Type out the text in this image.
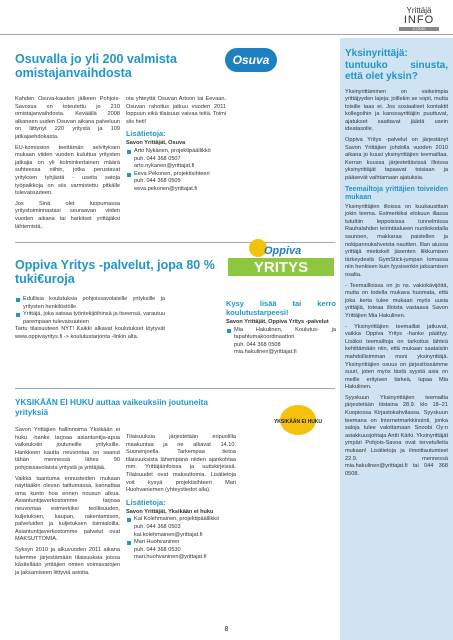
Yrittäjä
INFO
4 | 2010
Osuvalla jo yli 200 valmista omistajanvaihdosta
Osuva

Kahden Osuva-kauden jälkeen Pohjois-Savossa on toteutettu jo 210 omistajanvaihdosta. Keväällä 2008 alkaneen uuden Osuvan aikana palveluun on liittynyt 220 yritystä ja 109 jatkajaehdokasta.

EU-komission teettämän selvityksen mukaan viiden vuoden kuluttua yritysten jatkajia on yli kolminkertainen määrä suhteessa niihin, jotka perustavat yrityksen tyhjästä - useita satoja työpaikkoja on siis varmistettu pitkälle tulevaisuuteen.

Jos Sinä olet luopumassa yritystoiminnastasi seuraavan viiden vuoden aikana tai harkitset yrittäjäksi lähtemistä,

ota yhteyttä Osuvan Artoon tai Eevaan. Osuvan rahoitus jatkuu vuoden 2011 loppuun eikä tilaisuus vaivaa teitä. Toimi siis heti!

Lisätietoja:
Savon Yrittäjät, Osuva
Arto Nykänen, projektipäällikkö
puh. 044 368 0507
arto.nykanen@yrittajat.fi
Eeva Pekonen, projektisihteeri
puh. 044 368 0505
eeva.pekonen@yrittajat.fi
Oppiva Yritys -palvelut, jopa 80 % tuki€uroja
Edullisia koulutuksia pohjoissavolaisille yrityksille ja yritysten henkilöstölle
Yrittäjä, joka satsaa työntekijöihinsä ja itseensä, varautuu parempaan tulevaisuuteen

Tartu tilaisuuteen NYT! Kaikki alkavat koulutukset löytyvät www.oppivayritys.fi -> koulutustarjonta -linkin alta.

Oppiva
YRITYS
Kysy lisää tai kerro koulutustarpeesi!
Savon Yrittäjät, Oppiva Yritys -palvelut
Mia Hakulinen, Koulutus- ja tapahtumakoordinaattori
puh. 044 368 0508
mia.hakulinen@yrittajat.fi
YKSIKÄÄN EI HUKU auttaa vaikeuksiin joutuneita yrityksiä
YKSIKÄÄN EI HUKU

Savon Yrittäjien hallinnoima Yksikään ei huku -hanke tarjoaa asiantuntija-apua vaikeuksiin joutuneille yrityksille. Hankkeen kautta neuvontaa on saanut tähän mennessä lähes 90 pohjoissavolaista yritystä ja yrittäjää.

Vaikka taantuma ennusteiden mukaan näyttääkin olevan taittumassa, kannattaa oma kunto hoa ennen nousun alkua. Asiantuntijaverkostomme tarjoaa neuvontaa esimerkiksi teollisuuden, kuljetuksen, kaupan, rakentamisen, palveluiden ja kuljetuksen toimialoilla. Asiantuntijaverkostomme palvelut ovat MAKSUTTOMIA.

Syksyn 2010 ja alkuvuoden 2011 aikana tulemme järjestämään tilaisuuksia joissa käsitellään yrittäjien omien voimavarojen ja jaksamiseen liittyviä asioita.

Tilaisuuksia järjestetään eripuolilla maakuntaa ja ne alkavat 14.10. Suonenjoella. Tarkempaa tietoa tilaisuuksista lähempänä niiden ajankohtaa mm. Yrittäjäinfoissa ja uutiskirjeissä. Tilaisuudet ovat maksuttomia. Lisätietoja voit kysyä projektisihteeri Mari Huohvaniemen (yhteystiedot alla).

Lisätietoja:
Savon Yrittäjät, Yksikään ei huku
Kai Kolehmainen, projektipäällikkö
puh. 044 368 0503
kai.kolehmainen@yrittajat.fi
Mari Huohvaninen
puh. 044 368 0530
mari.huohvaninen@yrittajat.fi
Yksinyrittäjä: tuntuuko sinusta, että olet yksin?

Yksinyrittäminen on vaikeimpia yrittäjyyden lajeja; joillekin se sopii, mutta toisille taas ei. Jos sosiaaliset kontaktit kollegoihin ja kanssayrittäjiin puuttuvat, ajatukset saattavat jäädä usein ideatasolle.

Oppiva Yritys -palvelut on järjestänyt Savon Yrittäjien johdolla vuoden 2010 aikana jo kuusi yksinyrittäjien teemailtaa. Kerran kuussa järjestettävissä illoissa yksinyrittäjät tapaavat toisiaan ja pääsevät vaihtamaan ajatuksia.

Teemailtoja yrittäjien toiveiden mukaan

Yksinyrittäjien illoissa on kuukausittain jokin teema. Esimerkiksi elokuun illassa tututtiin leppoisissa tunnelmissa Rauhalahden leirintäalueen nuotiokodalla saunoen, makkaraa paistellen ja nokipannukahveista nauttien. Illan aiussa yrittäjä mietiskeli jäsenten liikkumisen tärkeydestä GymStick-jumpan lomassa niin henkisen kuin fyysisenkin jaksamisen osalta.

- Teemailloissa on jo ns. vakiokävijöitä, mutta on todella mukava huomata, että joka kerta tulee mukaan myös uusia yrittäjiä, toteaa illoista vastaava Savon Yrittäjien Mia Hakulinen.

- Yksinyrittäjien teemaillat jatkuvat, vaikka Oppiva Yritys -hanke päättyy. Lisäksi teemailtoja on tarkoitus lähteä kehittämään niin, että mukaan saataisiin mahdollisimman moni yksinyrittäjä. Yksinyrittäjien osuus on järjestössämme suuri, joten myös tästä syystä asia on meille erityisen tärkeä, lupaa Mia Hakulinen.

Syyskuun Yksinyrittäjien teemailta järjestetään tiistaina 28.9. klo 18–21 Kuopiossa Kirjastokahvilassa. Syyskuun teemana on Internetmarkkinointi, jonka saloja tulee valottamaan Snoobi Oy:n asiakkuusjohtaja Antti Kärki. Yksinyrittäjät ympäri Pohjois-Savoa ovat tervetulleita mukaan! Lisätietoja ja ilmoittautumiset 22.9. mennessä mia.hakulinen@yrittajat.fi tai 044 368 0508.

8
